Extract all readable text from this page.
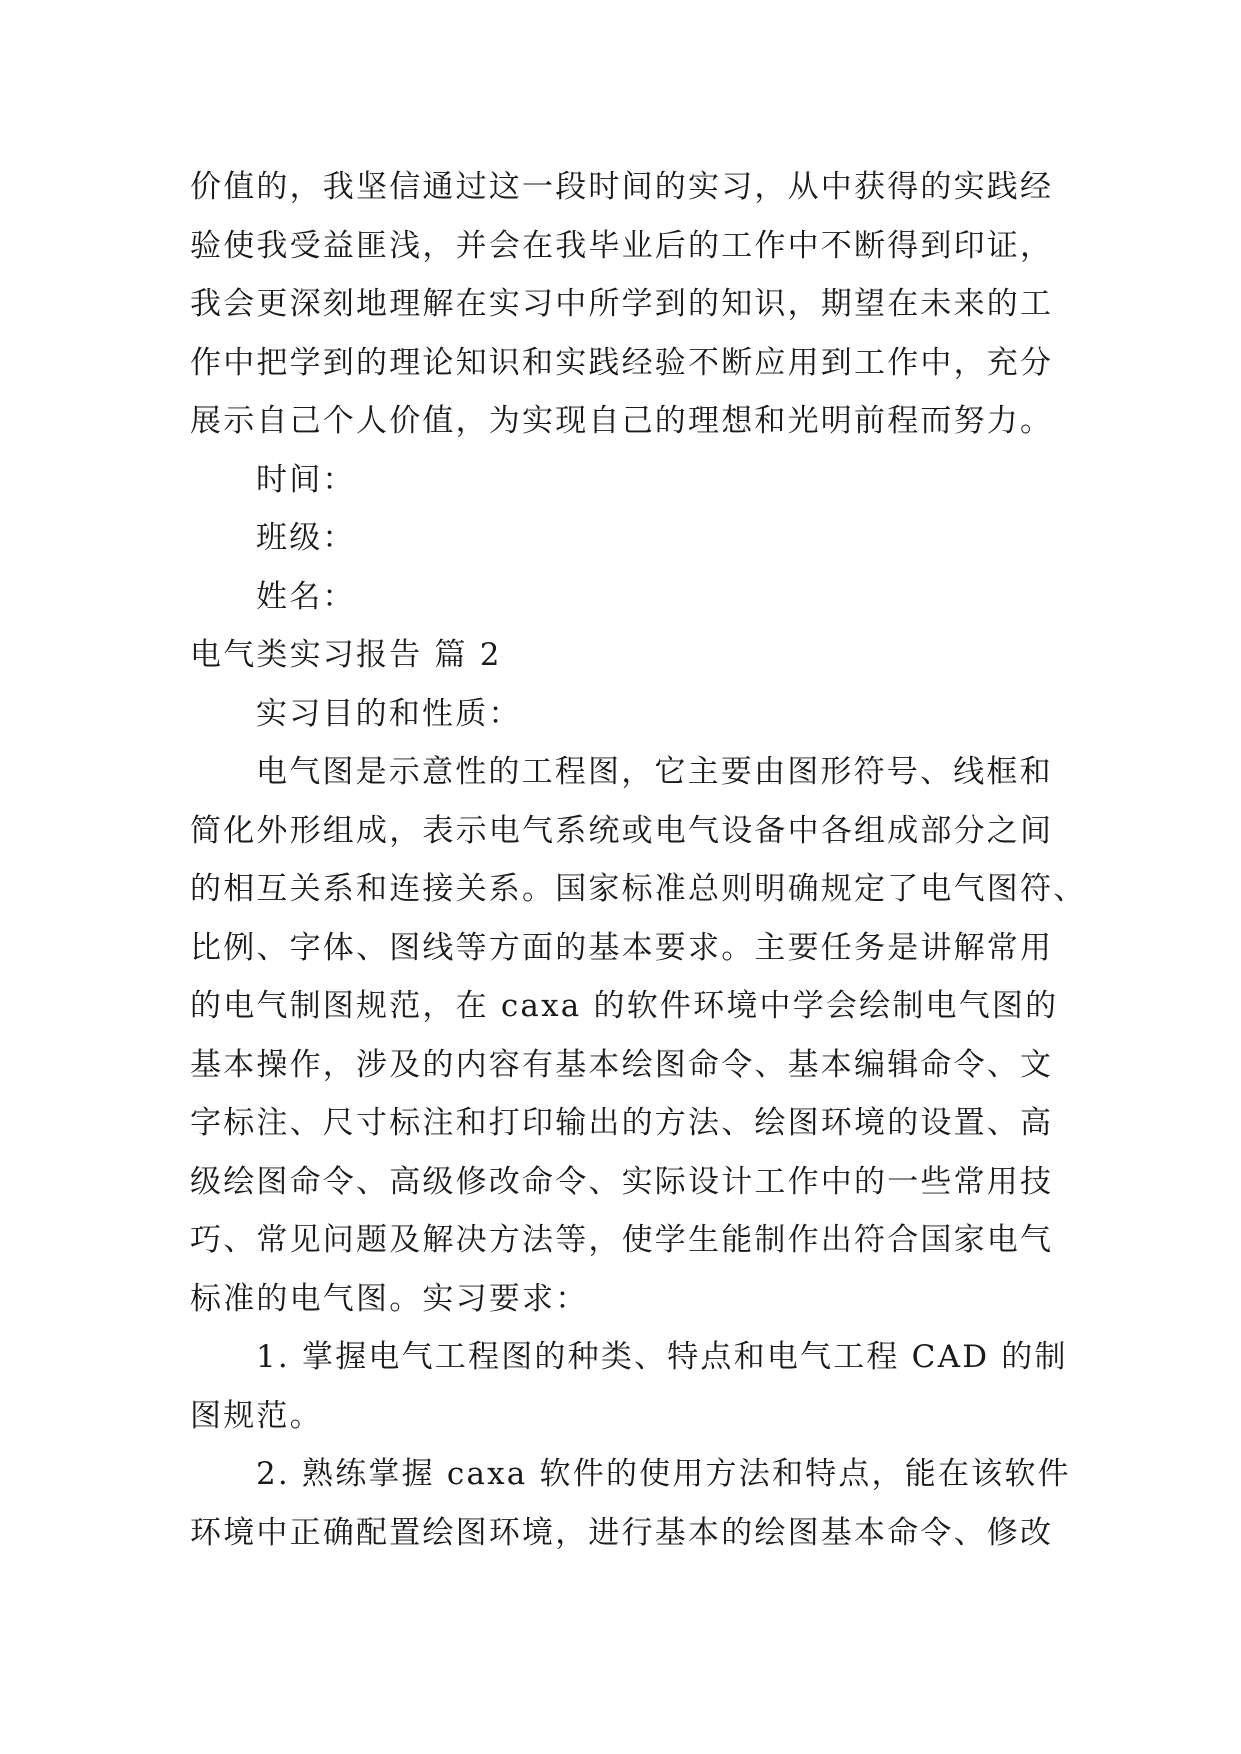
价值的，我坚信通过这一段时间的实习，从中获得的实践经
验使我受益匪浅，并会在我毕业后的工作中不断得到印证，
我会更深刻地理解在实习中所学到的知识，期望在未来的工
作中把学到的理论知识和实践经验不断应用到工作中，充分
展示自己个人价值，为实现自己的理想和光明前程而努力。
时间：
班级：
姓名：
电气类实习报告 篇 2
实习目的和性质：
电气图是示意性的工程图，它主要由图形符号、线框和
简化外形组成，表示电气系统或电气设备中各组成部分之间
的相互关系和连接关系。国家标准总则明确规定了电气图符、
比例、字体、图线等方面的基本要求。主要任务是讲解常用
的电气制图规范，在 caxa 的软件环境中学会绘制电气图的
基本操作，涉及的内容有基本绘图命令、基本编辑命令、文
字标注、尺寸标注和打印输出的方法、绘图环境的设置、高
级绘图命令、高级修改命令、实际设计工作中的一些常用技
巧、常见问题及解决方法等，使学生能制作出符合国家电气
标准的电气图。实习要求：
1. 掌握电气工程图的种类、特点和电气工程 CAD 的制
图规范。
2. 熟练掌握 caxa 软件的使用方法和特点，能在该软件
环境中正确配置绘图环境，进行基本的绘图基本命令、修改
